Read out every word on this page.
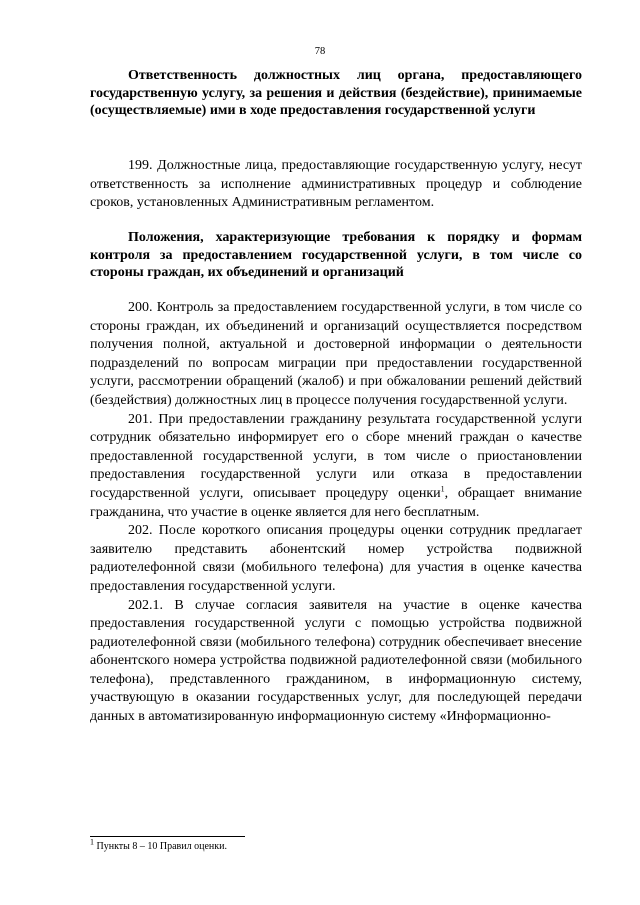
78

Ответственность должностных лиц органа, предоставляющего государственную услугу, за решения и действия (бездействие), принимаемые (осуществляемые) ими в ходе предоставления государственной услуги

199. Должностные лица, предоставляющие государственную услугу, несут ответственность за исполнение административных процедур и соблюдение сроков, установленных Административным регламентом.

Положения, характеризующие требования к порядку и формам контроля за предоставлением государственной услуги, в том числе со стороны граждан, их объединений и организаций

200. Контроль за предоставлением государственной услуги, в том числе со стороны граждан, их объединений и организаций осуществляется посредством получения полной, актуальной и достоверной информации о деятельности подразделений по вопросам миграции при предоставлении государственной услуги, рассмотрении обращений (жалоб) и при обжаловании решений действий (бездействия) должностных лиц в процессе получения государственной услуги.

201. При предоставлении гражданину результата государственной услуги сотрудник обязательно информирует его о сборе мнений граждан о качестве предоставленной государственной услуги, в том числе о приостановлении предоставления государственной услуги или отказа в предоставлении государственной услуги, описывает процедуру оценки$^1$, обращает внимание гражданина, что участие в оценке является для него бесплатным.

202. После короткого описания процедуры оценки сотрудник предлагает заявителю представить абонентский номер устройства подвижной радиотелефонной связи (мобильного телефона) для участия в оценке качества предоставления государственной услуги.

202.1. В случае согласия заявителя на участие в оценке качества предоставления государственной услуги с помощью устройства подвижной радиотелефонной связи (мобильного телефона) сотрудник обеспечивает внесение абонентского номера устройства подвижной радиотелефонной связи (мобильного телефона), представленного гражданином, в информационную систему, участвующую в оказании государственных услуг, для последующей передачи данных в автоматизированную информационную систему «Информационно-

$^1$ Пункты 8 – 10 Правил оценки.
